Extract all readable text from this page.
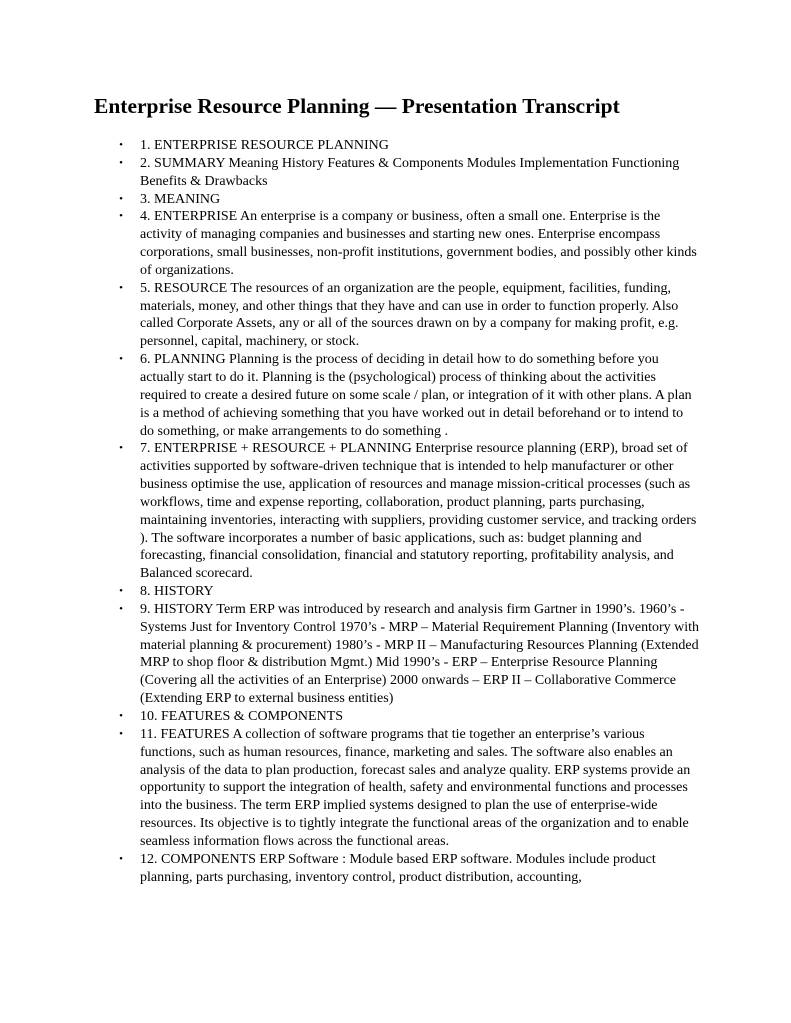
Enterprise Resource Planning — Presentation Transcript
• 1. ENTERPRISE RESOURCE PLANNING
• 2. SUMMARY Meaning History Features & Components Modules Implementation Functioning Benefits & Drawbacks
• 3. MEANING
• 4. ENTERPRISE An enterprise is a company or business, often a small one. Enterprise is the activity of managing companies and businesses and starting new ones. Enterprise encompass corporations, small businesses, non-profit institutions, government bodies, and possibly other kinds of organizations.
• 5. RESOURCE The resources of an organization are the people, equipment, facilities, funding, materials, money, and other things that they have and can use in order to function properly. Also called Corporate Assets, any or all of the sources drawn on by a company for making profit, e.g. personnel, capital, machinery, or stock.
• 6. PLANNING Planning is the process of deciding in detail how to do something before you actually start to do it. Planning is the (psychological) process of thinking about the activities required to create a desired future on some scale / plan, or integration of it with other plans. A plan is a method of achieving something that you have worked out in detail beforehand or to intend to do something, or make arrangements to do something .
• 7. ENTERPRISE + RESOURCE + PLANNING Enterprise resource planning (ERP), broad set of activities supported by software-driven technique that is intended to help manufacturer or other business optimise the use, application of resources and manage mission-critical processes (such as workflows, time and expense reporting, collaboration, product planning, parts purchasing, maintaining inventories, interacting with suppliers, providing customer service, and tracking orders ). The software incorporates a number of basic applications, such as: budget planning and forecasting, financial consolidation, financial and statutory reporting, profitability analysis, and Balanced scorecard.
• 8. HISTORY
• 9. HISTORY Term ERP was introduced by research and analysis firm Gartner in 1990’s. 1960’s - Systems Just for Inventory Control 1970’s - MRP – Material Requirement Planning (Inventory with material planning & procurement) 1980’s - MRP II – Manufacturing Resources Planning (Extended MRP to shop floor & distribution Mgmt.) Mid 1990’s - ERP – Enterprise Resource Planning (Covering all the activities of an Enterprise) 2000 onwards – ERP II – Collaborative Commerce (Extending ERP to external business entities)
• 10. FEATURES & COMPONENTS
• 11. FEATURES A collection of software programs that tie together an enterprise’s various functions, such as human resources, finance, marketing and sales. The software also enables an analysis of the data to plan production, forecast sales and analyze quality. ERP systems provide an opportunity to support the integration of health, safety and environmental functions and processes into the business. The term ERP implied systems designed to plan the use of enterprise-wide resources. Its objective is to tightly integrate the functional areas of the organization and to enable seamless information flows across the functional areas.
• 12. COMPONENTS ERP Software : Module based ERP software. Modules include product planning, parts purchasing, inventory control, product distribution, accounting,
